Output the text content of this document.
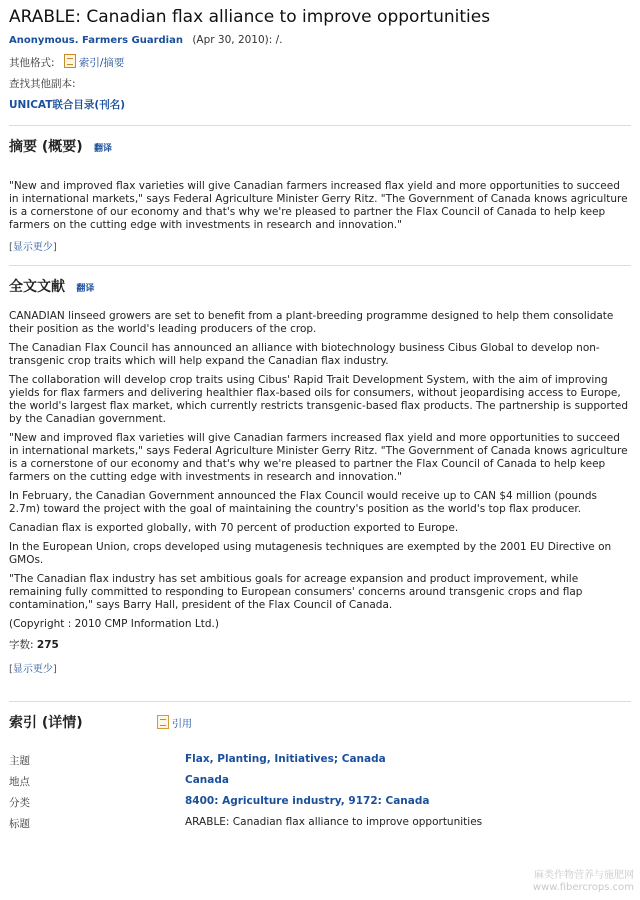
ARABLE: Canadian flax alliance to improve opportunities
Anonymous. Farmers Guardian (Apr 30, 2010): /.
其他格式: 索引/摘要
查找其他副本:
UNICAT联合目录(刊名)
摘要 (概要) 翻译

"New and improved flax varieties will give Canadian farmers increased flax yield and more opportunities to succeed in international markets," says Federal Agriculture Minister Gerry Ritz. "The Government of Canada knows agriculture is a cornerstone of our economy and that's why we're pleased to partner the Flax Council of Canada to help keep farmers on the cutting edge with investments in research and innovation."

[显示更少]
全文文献 翻译

CANADIAN linseed growers are set to benefit from a plant-breeding programme designed to help them consolidate their position as the world's leading producers of the crop.

The Canadian Flax Council has announced an alliance with biotechnology business Cibus Global to develop non-transgenic crop traits which will help expand the Canadian flax industry.

The collaboration will develop crop traits using Cibus' Rapid Trait Development System, with the aim of improving yields for flax farmers and delivering healthier flax-based oils for consumers, without jeopardising access to Europe, the world's largest flax market, which currently restricts transgenic-based flax products. The partnership is supported by the Canadian government.

"New and improved flax varieties will give Canadian farmers increased flax yield and more opportunities to succeed in international markets," says Federal Agriculture Minister Gerry Ritz. "The Government of Canada knows agriculture is a cornerstone of our economy and that's why we're pleased to partner the Flax Council of Canada to help keep farmers on the cutting edge with investments in research and innovation."

In February, the Canadian Government announced the Flax Council would receive up to CAN $4 million (pounds 2.7m) toward the project with the goal of maintaining the country's position as the world's top flax producer.

Canadian flax is exported globally, with 70 percent of production exported to Europe.

In the European Union, crops developed using mutagenesis techniques are exempted by the 2001 EU Directive on GMOs.

"The Canadian flax industry has set ambitious goals for acreage expansion and product improvement, while remaining fully committed to responding to European consumers' concerns around transgenic crops and flap contamination," says Barry Hall, president of the Flax Council of Canada.

(Copyright : 2010 CMP Information Ltd.)

字数: 275
[显示更少]
索引 (详情)	引用
主题	Flax, Planting, Initiatives; Canada
地点	Canada
分类	8400: Agriculture industry, 9172: Canada
标题	ARABLE: Canadian flax alliance to improve opportunities
麻类作物营养与施肥网
www.fibercrops.com
